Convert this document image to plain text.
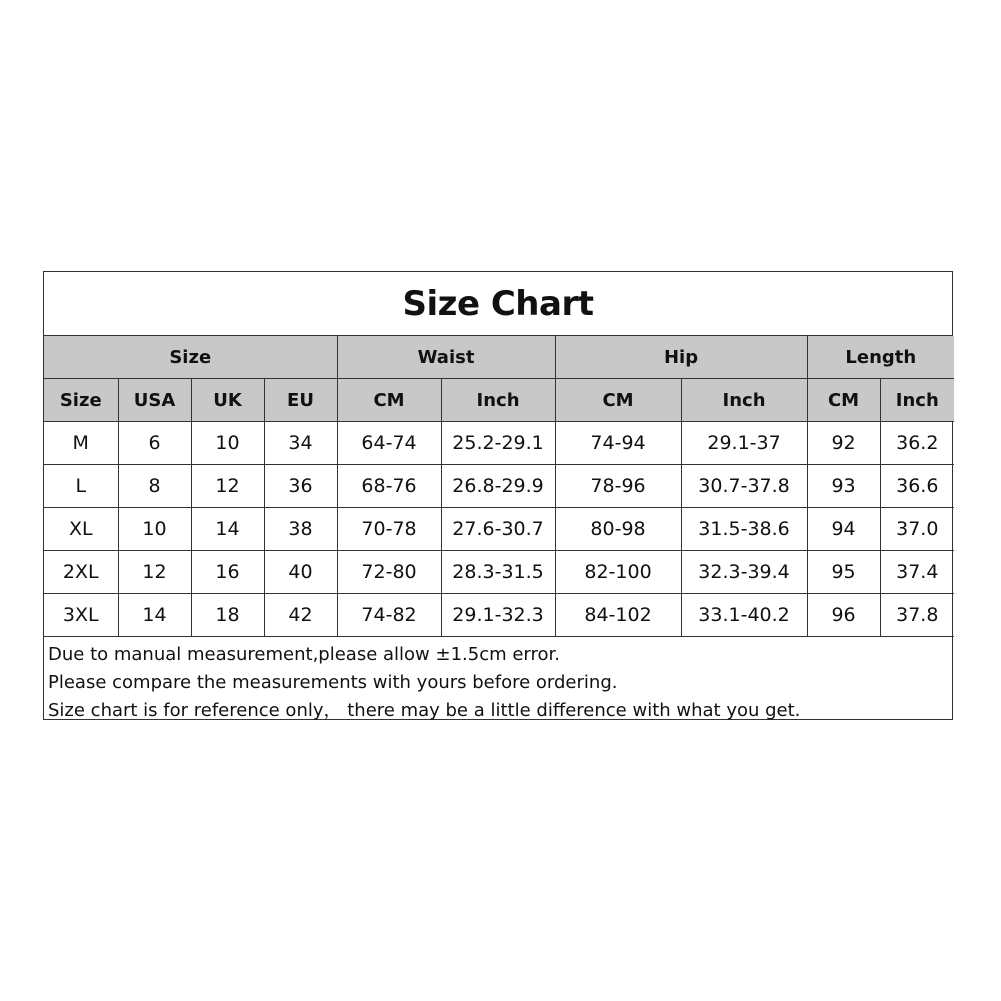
Size Chart
Size				Waist		Hip		Length	
Size	USA	UK	EU	CM	Inch	CM	Inch	CM	Inch
M	6	10	34	64-74	25.2-29.1	74-94	29.1-37	92	36.2
L	8	12	36	68-76	26.8-29.9	78-96	30.7-37.8	93	36.6
XL	10	14	38	70-78	27.6-30.7	80-98	31.5-38.6	94	37.0
2XL	12	16	40	72-80	28.3-31.5	82-100	32.3-39.4	95	37.4
3XL	14	18	42	74-82	29.1-32.3	84-102	33.1-40.2	96	37.8
Due to manual measurement,please allow ±1.5cm error.
Please compare the measurements with yours before ordering.
Size chart is for reference only， there may be a little difference with what you get.
